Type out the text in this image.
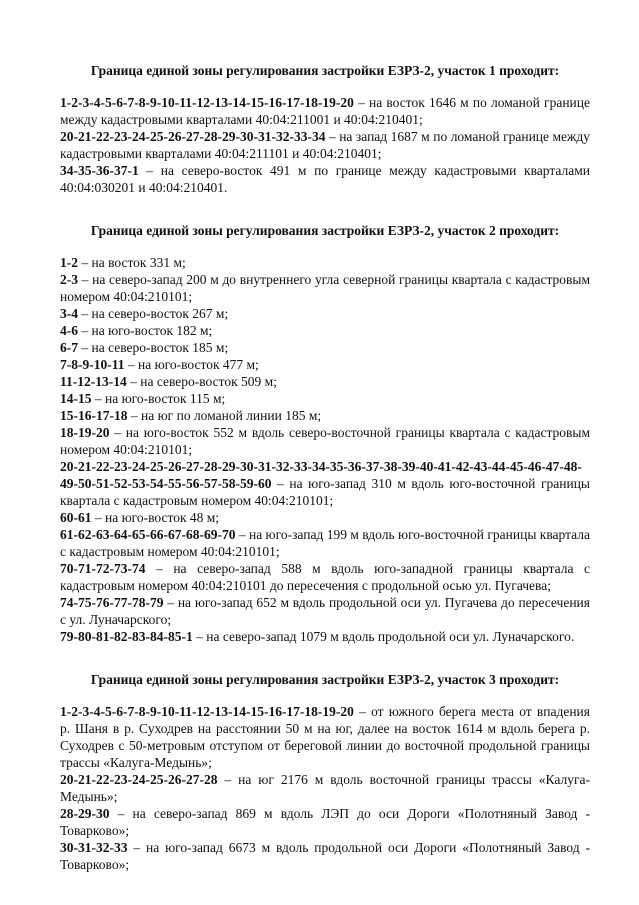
Граница единой зоны регулирования застройки ЕЗРЗ-2, участок 1 проходит:

1-2-3-4-5-6-7-8-9-10-11-12-13-14-15-16-17-18-19-20 – на восток 1646 м по ломаной границе между кадастровыми кварталами 40:04:211001 и 40:04:210401;

20-21-22-23-24-25-26-27-28-29-30-31-32-33-34 – на запад 1687 м по ломаной границе между кадастровыми кварталами 40:04:211101 и 40:04:210401;

34-35-36-37-1 – на северо-восток 491 м по границе между кадастровыми кварталами 40:04:030201 и 40:04:210401.

Граница единой зоны регулирования застройки ЕЗРЗ-2, участок 2 проходит:

1-2 – на восток 331 м;

2-3 – на северо-запад 200 м до внутреннего угла северной границы квартала с кадастровым номером 40:04:210101;

3-4 – на северо-восток 267 м;

4-6 – на юго-восток 182 м;

6-7 – на северо-восток 185 м;

7-8-9-10-11 – на юго-восток 477 м;

11-12-13-14 – на северо-восток 509 м;

14-15 – на юго-восток 115 м;

15-16-17-18 – на юг по ломаной линии 185 м;

18-19-20 – на юго-восток 552 м вдоль северо-восточной границы квартала с кадастровым номером 40:04:210101;

20-21-22-23-24-25-26-27-28-29-30-31-32-33-34-35-36-37-38-39-40-41-42-43-44-45-46-47-48-49-50-51-52-53-54-55-56-57-58-59-60 – на юго-запад 310 м вдоль юго-восточной границы квартала с кадастровым номером 40:04:210101;

60-61 – на юго-восток 48 м;

61-62-63-64-65-66-67-68-69-70 – на юго-запад 199 м вдоль юго-восточной границы квартала с кадастровым номером 40:04:210101;

70-71-72-73-74 – на северо-запад 588 м вдоль юго-западной границы квартала с кадастровым номером 40:04:210101 до пересечения с продольной осью ул. Пугачева;

74-75-76-77-78-79 – на юго-запад 652 м вдоль продольной оси ул. Пугачева до пересечения с ул. Луначарского;

79-80-81-82-83-84-85-1 – на северо-запад 1079 м вдоль продольной оси ул. Луначарского.

Граница единой зоны регулирования застройки ЕЗРЗ-2, участок 3 проходит:

1-2-3-4-5-6-7-8-9-10-11-12-13-14-15-16-17-18-19-20 – от южного берега места от впадения р. Шаня в р. Суходрев на расстоянии 50 м на юг, далее на восток 1614 м вдоль берега р. Суходрев с 50-метровым отступом от береговой линии до восточной продольной границы трассы «Калуга-Медынь»;

20-21-22-23-24-25-26-27-28 – на юг 2176 м вдоль восточной границы трассы «Калуга-Медынь»;

28-29-30 – на северо-запад 869 м вдоль ЛЭП до оси Дороги «Полотняный Завод - Товарково»;

30-31-32-33 – на юго-запад 6673 м вдоль продольной оси Дороги «Полотняный Завод - Товарково»;
